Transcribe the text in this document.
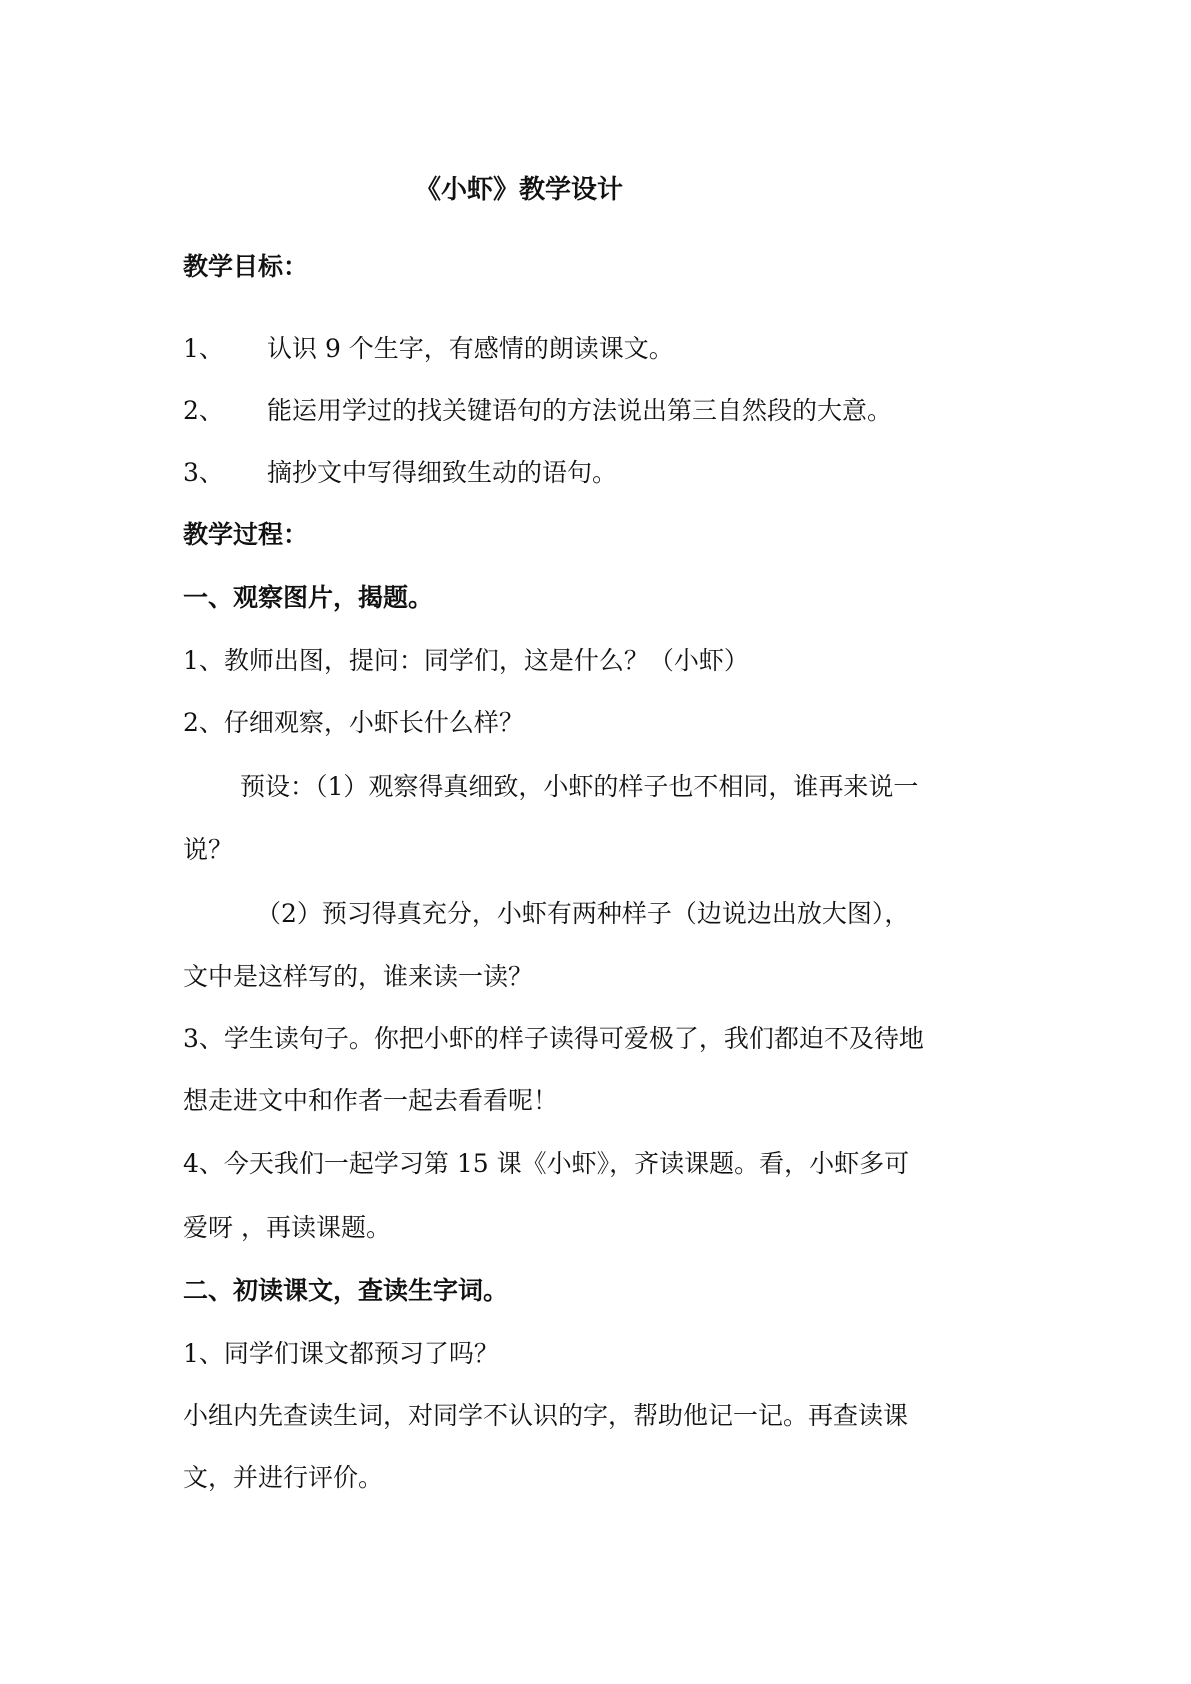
《小虾》教学设计
教学目标：
1、 认识 9 个生字，有感情的朗读课文。
2、 能运用学过的找关键语句的方法说出第三自然段的大意。
3、 摘抄文中写得细致生动的语句。
教学过程：
一、观察图片，揭题。
1、教师出图，提问：同学们，这是什么？（小虾）
2、仔细观察，小虾长什么样？
预设：（1）观察得真细致，小虾的样子也不相同，谁再来说一
说？
（2）预习得真充分，小虾有两种样子（边说边出放大图），
文中是这样写的，谁来读一读？
3、学生读句子。你把小虾的样子读得可爱极了，我们都迫不及待地
想走进文中和作者一起去看看呢！
4、今天我们一起学习第 15 课《小虾》，齐读课题。看，小虾多可
爱呀 ，再读课题。
二、初读课文，查读生字词。
1、同学们课文都预习了吗？
小组内先查读生词，对同学不认识的字，帮助他记一记。再查读课
文，并进行评价。
